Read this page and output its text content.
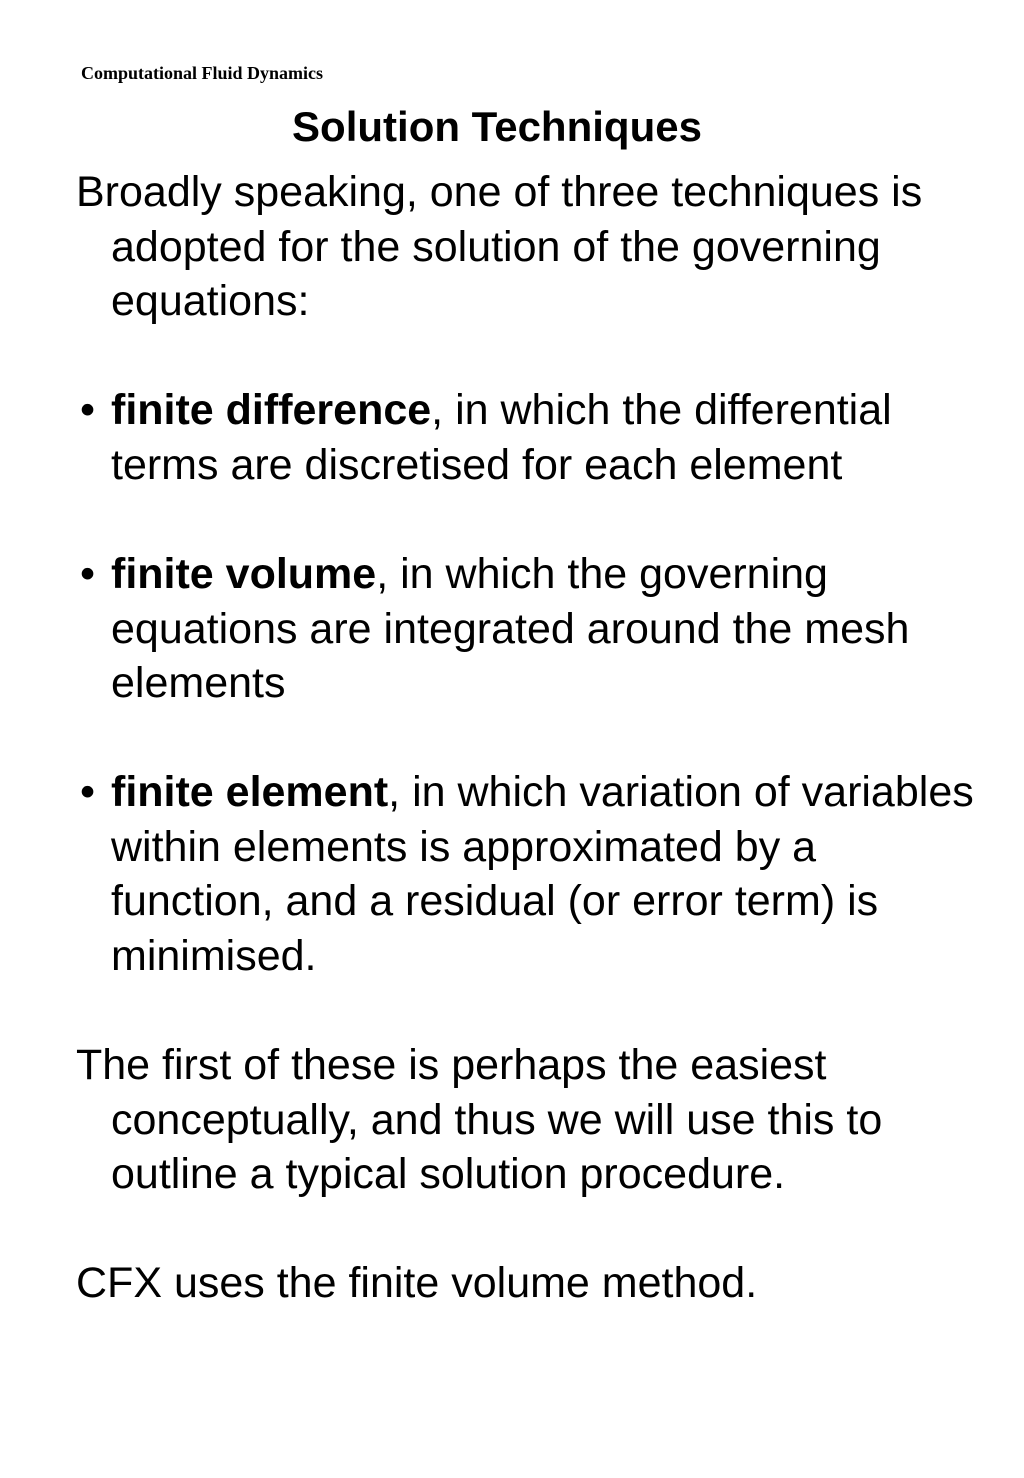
Computational Fluid Dynamics
Solution Techniques
Broadly speaking, one of three techniques is adopted for the solution of the governing equations:
• finite difference, in which the differential terms are discretised for each element
• finite volume, in which the governing equations are integrated around the mesh elements
• finite element, in which variation of variables within elements is approximated by a function, and a residual (or error term) is minimised.
The first of these is perhaps the easiest conceptually, and thus we will use this to outline a typical solution procedure.
CFX uses the finite volume method.
